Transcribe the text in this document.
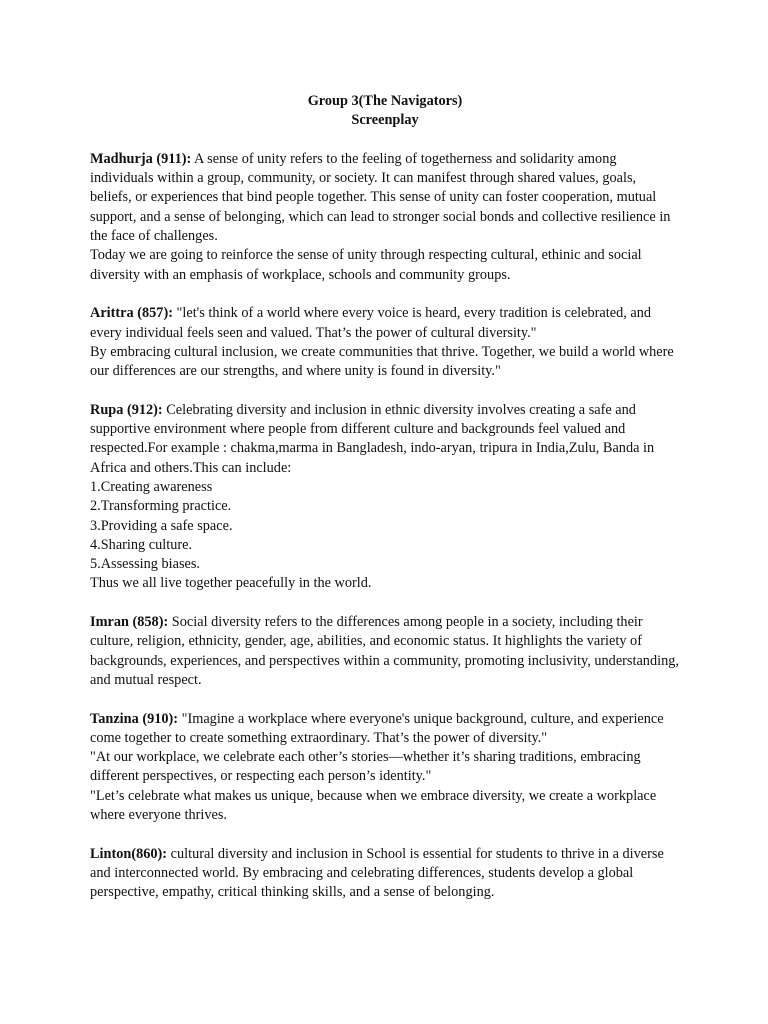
Group 3(The Navigators)

Screenplay

Madhurja (911): A sense of unity refers to the feeling of togetherness and solidarity among individuals within a group, community, or society. It can manifest through shared values, goals, beliefs, or experiences that bind people together. This sense of unity can foster cooperation, mutual support, and a sense of belonging, which can lead to stronger social bonds and collective resilience in the face of challenges.

Today we are going to reinforce the sense of unity through respecting cultural, ethinic and social diversity with an emphasis of workplace, schools and community groups.

Arittra (857): "let's think of a world where every voice is heard, every tradition is celebrated, and every individual feels seen and valued. That’s the power of cultural diversity."

By embracing cultural inclusion, we create communities that thrive. Together, we build a world where our differences are our strengths, and where unity is found in diversity."

Rupa (912): Celebrating diversity and inclusion in ethnic diversity involves creating a safe and supportive environment where people from different culture and backgrounds feel valued and respected.For example : chakma,marma in Bangladesh, indo-aryan, tripura in India,Zulu, Banda in Africa and others.This can include:

1.Creating awareness

2.Transforming practice.

3.Providing a safe space.

4.Sharing culture.

5.Assessing biases.

Thus we all live together peacefully in the world.

Imran (858): Social diversity refers to the differences among people in a society, including their culture, religion, ethnicity, gender, age, abilities, and economic status. It highlights the variety of backgrounds, experiences, and perspectives within a community, promoting inclusivity, understanding, and mutual respect.

Tanzina (910): "Imagine a workplace where everyone's unique background, culture, and experience come together to create something extraordinary. That’s the power of diversity."

"At our workplace, we celebrate each other’s stories—whether it’s sharing traditions, embracing different perspectives, or respecting each person’s identity."

"Let’s celebrate what makes us unique, because when we embrace diversity, we create a workplace where everyone thrives.

Linton(860): cultural diversity and inclusion in School is essential for students to thrive in a diverse and interconnected world. By embracing and celebrating differences, students develop a global perspective, empathy, critical thinking skills, and a sense of belonging.
